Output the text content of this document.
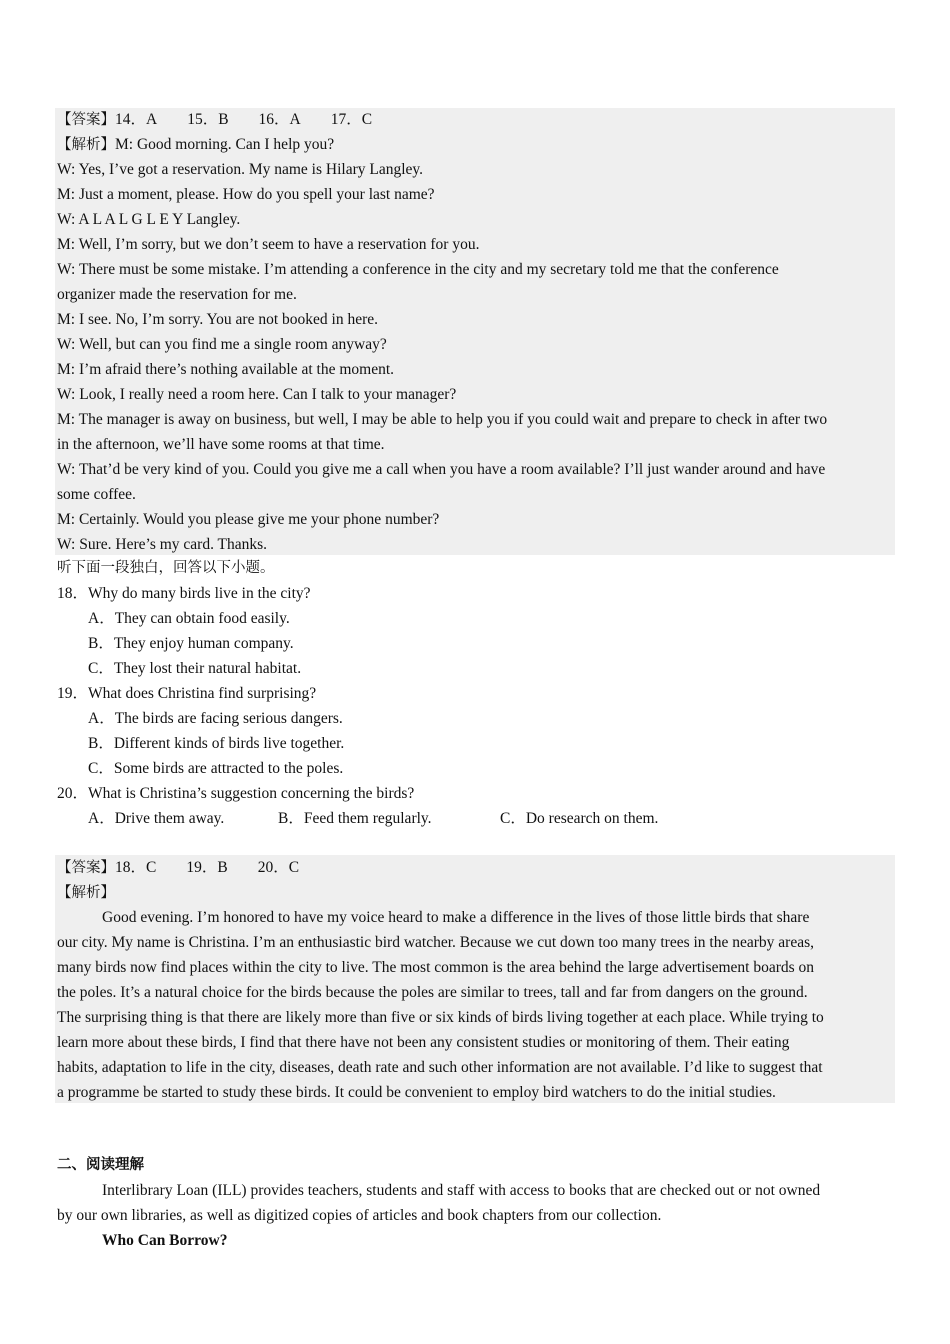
【答案】14．A 15．B 16．A 17．C
【解析】M: Good morning. Can I help you?
W: Yes, I’ve got a reservation. My name is Hilary Langley.
M: Just a moment, please. How do you spell your last name?
W: A L A L G L E Y Langley.
M: Well, I’m sorry, but we don’t seem to have a reservation for you.
W: There must be some mistake. I’m attending a conference in the city and my secretary told me that the conference
organizer made the reservation for me.
M: I see. No, I’m sorry. You are not booked in here.
W: Well, but can you find me a single room anyway?
M: I’m afraid there’s nothing available at the moment.
W: Look, I really need a room here. Can I talk to your manager?
M: The manager is away on business, but well, I may be able to help you if you could wait and prepare to check in after two
in the afternoon, we’ll have some rooms at that time.
W: That’d be very kind of you. Could you give me a call when you have a room available? I’ll just wander around and have
some coffee.
M: Certainly. Would you please give me your phone number?
W: Sure. Here’s my card. Thanks.
听下面一段独白，回答以下小题。
18．Why do many birds live in the city?
A．They can obtain food easily.
B．They enjoy human company.
C．They lost their natural habitat.
19．What does Christina find surprising?
A．The birds are facing serious dangers.
B．Different kinds of birds live together.
C．Some birds are attracted to the poles.
20．What is Christina’s suggestion concerning the birds?
A．Drive them away.	B．Feed them regularly.	C．Do research on them.
【答案】18．C 19．B 20．C
【解析】
Good evening. I’m honored to have my voice heard to make a difference in the lives of those little birds that share
our city. My name is Christina. I’m an enthusiastic bird watcher. Because we cut down too many trees in the nearby areas,
many birds now find places within the city to live. The most common is the area behind the large advertisement boards on
the poles. It’s a natural choice for the birds because the poles are similar to trees, tall and far from dangers on the ground.
The surprising thing is that there are likely more than five or six kinds of birds living together at each place. While trying to
learn more about these birds, I find that there have not been any consistent studies or monitoring of them. Their eating
habits, adaptation to life in the city, diseases, death rate and such other information are not available. I’d like to suggest that
a programme be started to study these birds. It could be convenient to employ bird watchers to do the initial studies.
二、阅读理解
Interlibrary Loan (ILL) provides teachers, students and staff with access to books that are checked out or not owned
by our own libraries, as well as digitized copies of articles and book chapters from our collection.
Who Can Borrow?
